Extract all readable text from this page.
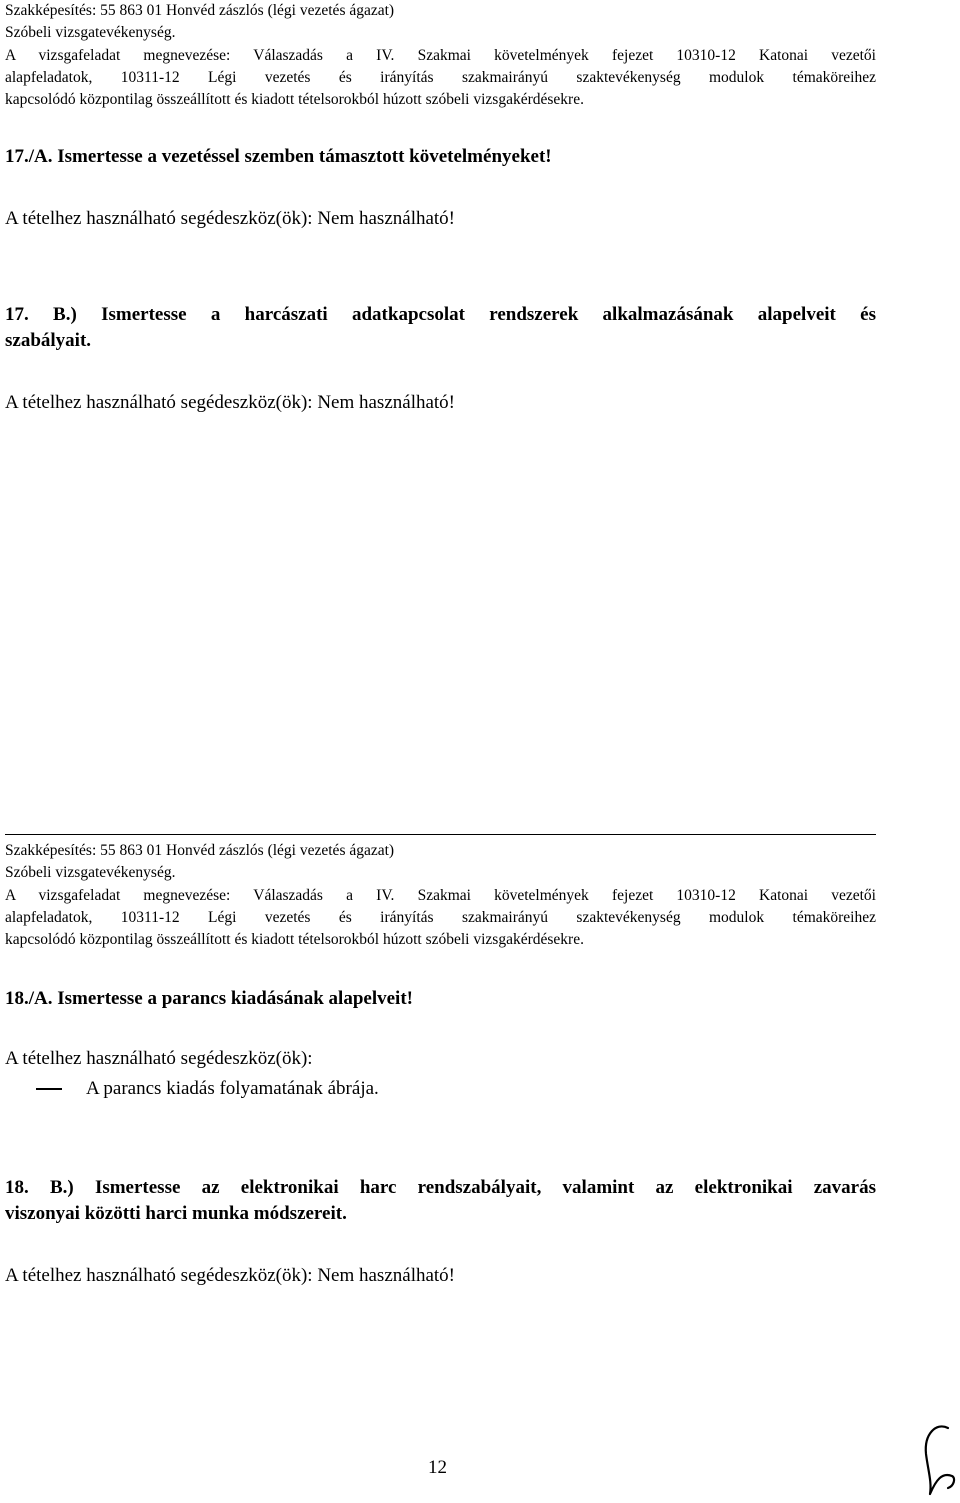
Szakképesítés: 55 863 01 Honvéd zászlós (légi vezetés ágazat)
Szóbeli vizsgatevékenység.
A vizsgafeladat megnevezése: Válaszadás a IV. Szakmai követelmények fejezet 10310-12 Katonai vezetői
alapfeladatok, 10311-12 Légi vezetés és irányítás szakmairányú szaktevékenység modulok témaköreihez
kapcsolódó központilag összeállított és kiadott tételsorokból húzott szóbeli vizsgakérdésekre.
17./A. Ismertesse a vezetéssel szemben támasztott követelményeket!
A tételhez használható segédeszköz(ök): Nem használható!
17. B.) Ismertesse a harcászati adatkapcsolat rendszerek alkalmazásának alapelveit és
szabályait.
A tételhez használható segédeszköz(ök): Nem használható!
Szakképesítés: 55 863 01 Honvéd zászlós (légi vezetés ágazat)
Szóbeli vizsgatevékenység.
A vizsgafeladat megnevezése: Válaszadás a IV. Szakmai követelmények fejezet 10310-12 Katonai vezetői
alapfeladatok, 10311-12 Légi vezetés és irányítás szakmairányú szaktevékenység modulok témaköreihez
kapcsolódó központilag összeállított és kiadott tételsorokból húzott szóbeli vizsgakérdésekre.
18./A. Ismertesse a parancs kiadásának alapelveit!
A tételhez használható segédeszköz(ök):
A parancs kiadás folyamatának ábrája.
18. B.) Ismertesse az elektronikai harc rendszabályait, valamint az elektronikai zavarás
viszonyai közötti harci munka módszereit.
A tételhez használható segédeszköz(ök): Nem használható!
12
